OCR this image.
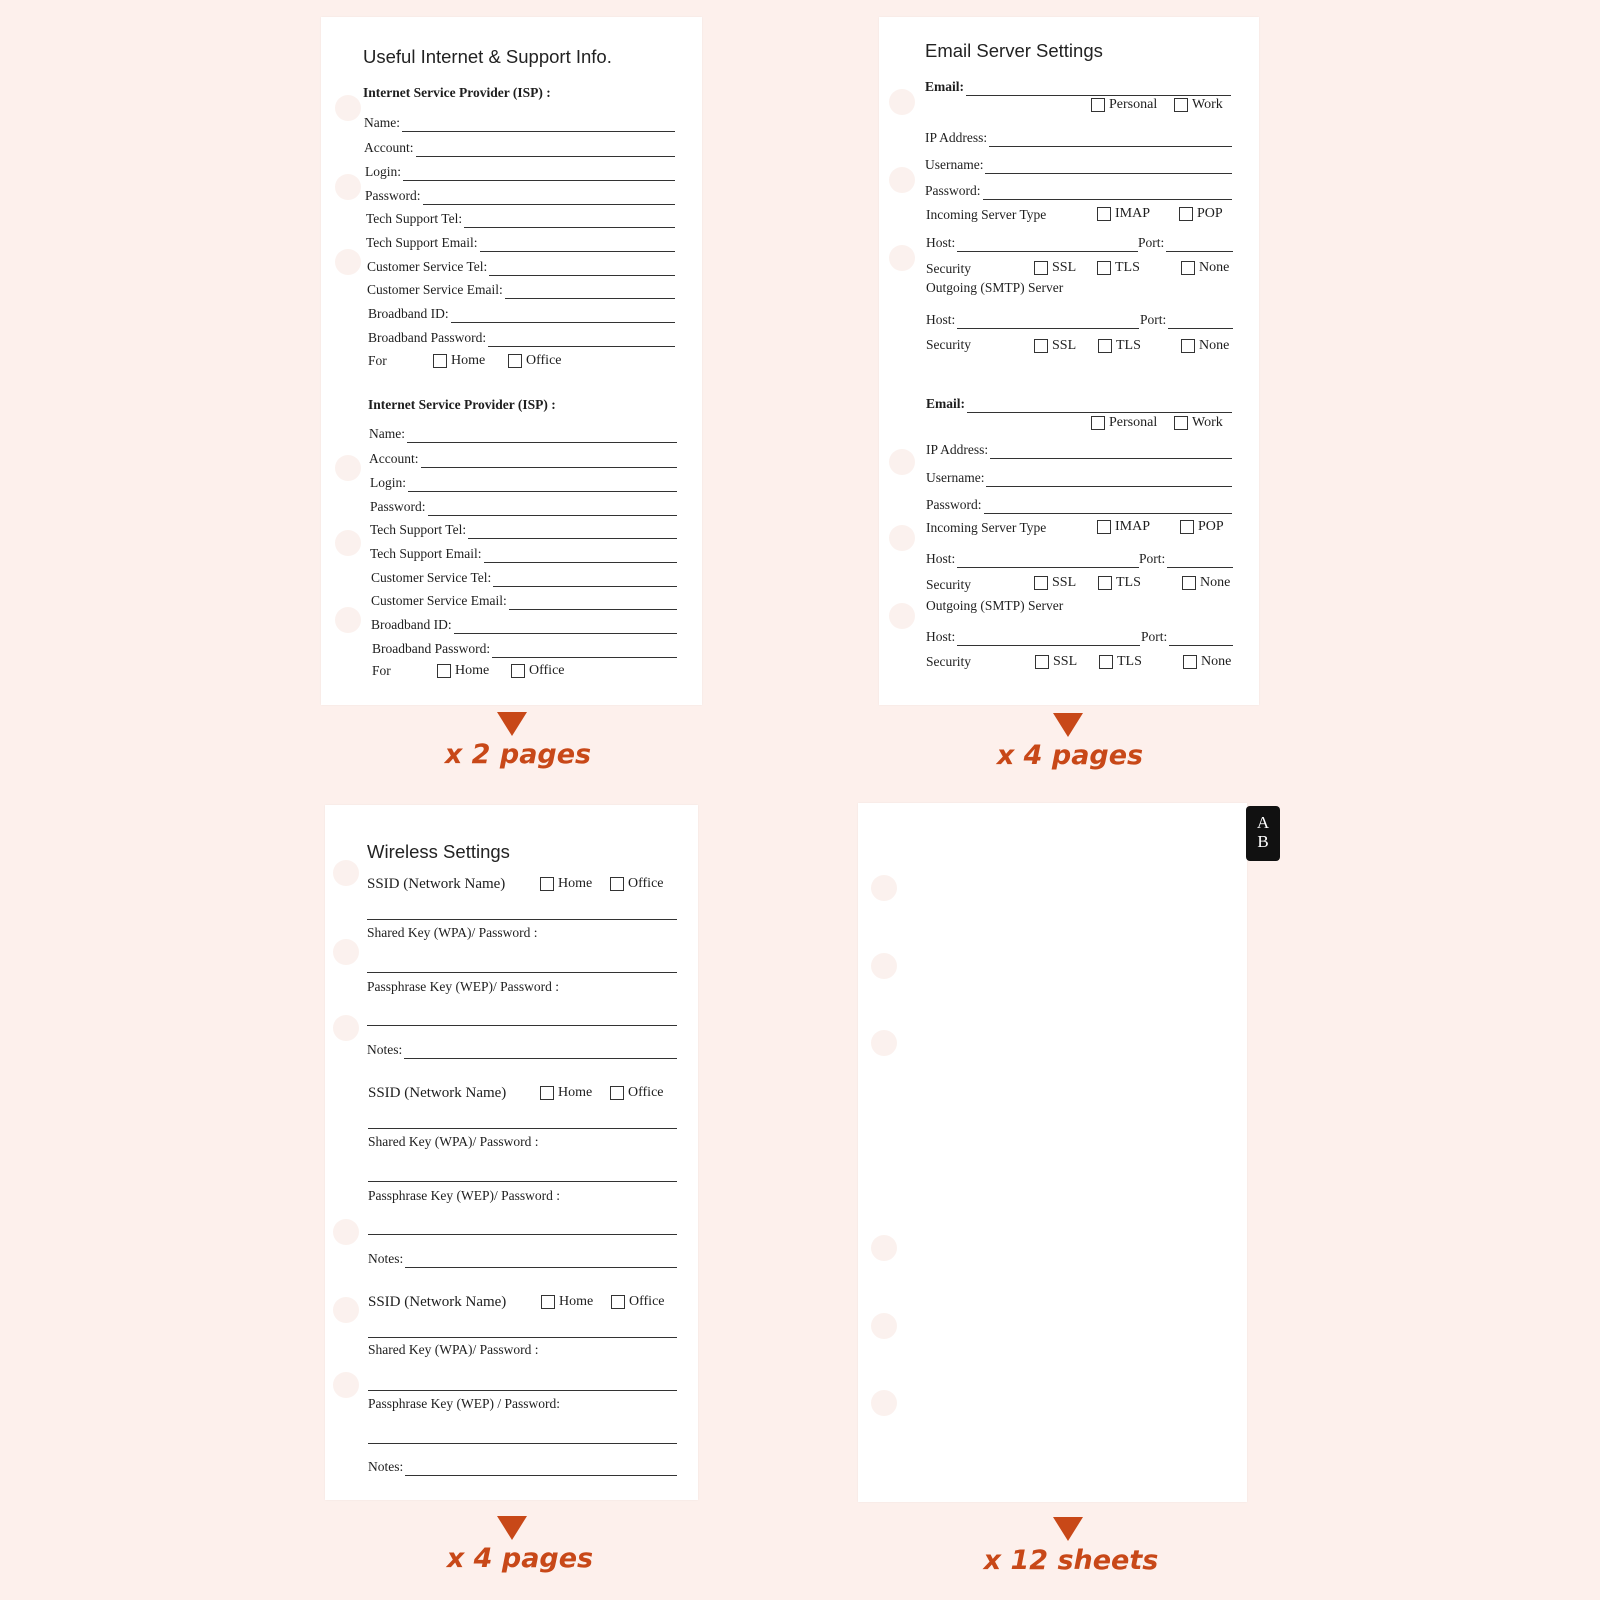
Useful Internet & Support Info.
Internet Service Provider (ISP) :
Name:
Account:
Login:
Password:
Tech Support Tel:
Tech Support Email:
Customer Service Tel:
Customer Service Email:
Broadband ID:
Broadband Password:
For	Home	Office
Internet Service Provider (ISP) :
Name:
Account:
Login:
Password:
Tech Support Tel:
Tech Support Email:
Customer Service Tel:
Customer Service Email:
Broadband ID:
Broadband Password:
For	Home	Office
Email Server Settings
Email:
Personal Work
IP Address:
Username:
Password:
Incoming Server Type	IMAP	POP
Host:	Port:
Security	SSL	TLS	None
Outgoing (SMTP) Server
Host:	Port:
Security	SSL	TLS	None
Email:
Personal Work
IP Address:
Username:
Password:
Incoming Server Type	IMAP	POP
Host:	Port:
Security	SSL	TLS	None
Outgoing (SMTP) Server
Host:	Port:
Security	SSL	TLS	None
Wireless Settings
SSID (Network Name)	Home	Office
Shared Key (WPA)/ Password :
Passphrase Key (WEP)/ Password :
Notes:
SSID (Network Name)	Home	Office
Shared Key (WPA)/ Password :
Passphrase Key (WEP)/ Password :
Notes:
SSID (Network Name)	Home	Office
Shared Key (WPA)/ Password :
Passphrase Key (WEP) / Password:
Notes:
A
B
x 2 pages	x 4 pages
x 4 pages	x 12 sheets
